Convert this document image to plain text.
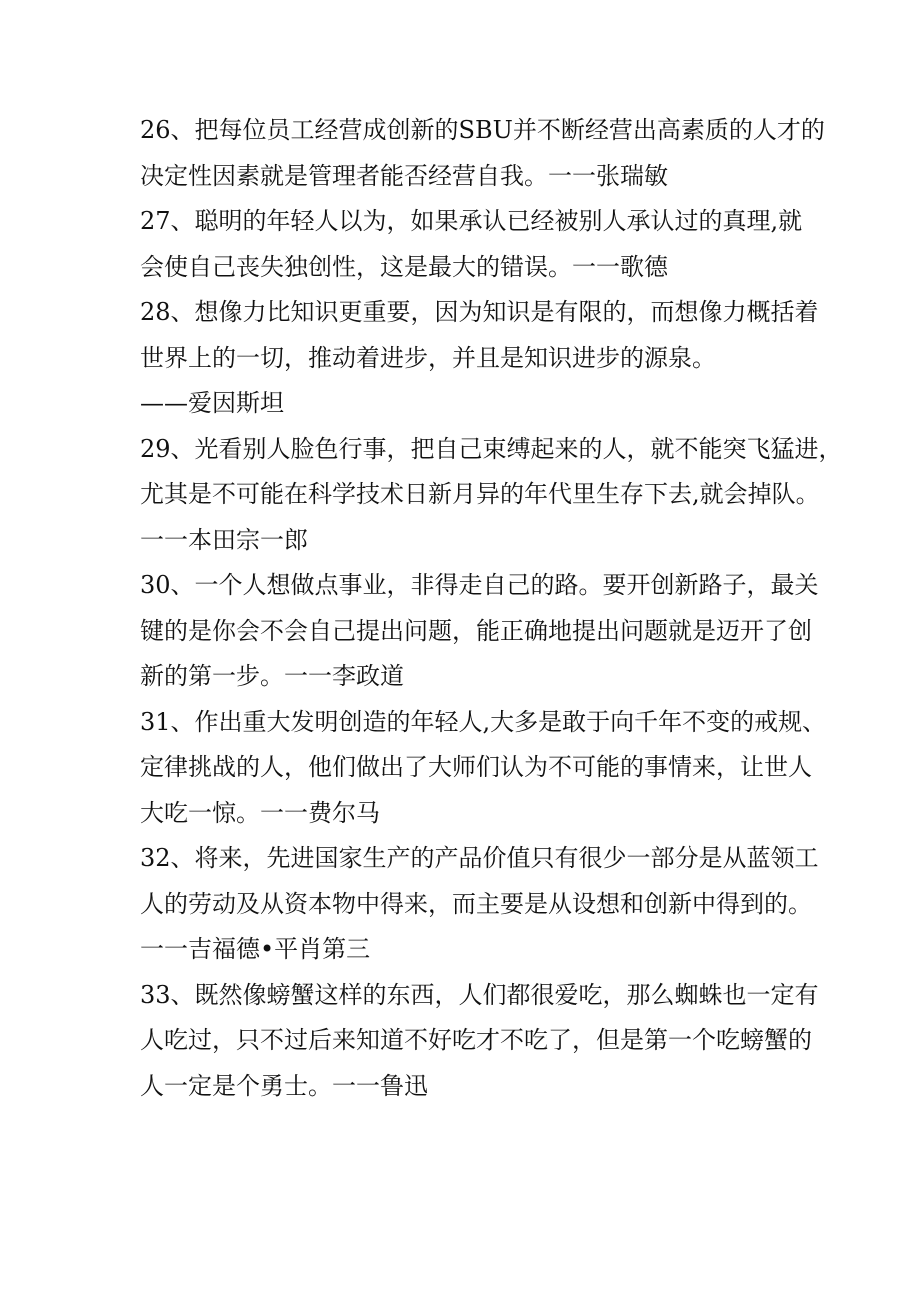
26、把每位员工经营成创新的SBU并不断经营出高素质的人才的
决定性因素就是管理者能否经营自我。一一张瑞敏
27、聪明的年轻人以为，如果承认已经被别人承认过的真理,就
会使自己丧失独创性，这是最大的错误。一一歌德
28、想像力比知识更重要，因为知识是有限的，而想像力概括着
世界上的一切，推动着进步，并且是知识进步的源泉。
——爱因斯坦
29、光看别人脸色行事，把自己束缚起来的人，就不能突飞猛进，
尤其是不可能在科学技术日新月异的年代里生存下去,就会掉队。
一一本田宗一郎
30、一个人想做点事业，非得走自己的路。要开创新路子，最关
键的是你会不会自己提出问题，能正确地提出问题就是迈开了创
新的第一步。一一李政道
31、作出重大发明创造的年轻人,大多是敢于向千年不变的戒规、
定律挑战的人，他们做出了大师们认为不可能的事情来，让世人
大吃一惊。一一费尔马
32、将来，先进国家生产的产品价值只有很少一部分是从蓝领工
人的劳动及从资本物中得来，而主要是从设想和创新中得到的。
一一吉福德•平肖第三
33、既然像螃蟹这样的东西，人们都很爱吃，那么蜘蛛也一定有
人吃过，只不过后来知道不好吃才不吃了，但是第一个吃螃蟹的
人一定是个勇士。一一鲁迅
